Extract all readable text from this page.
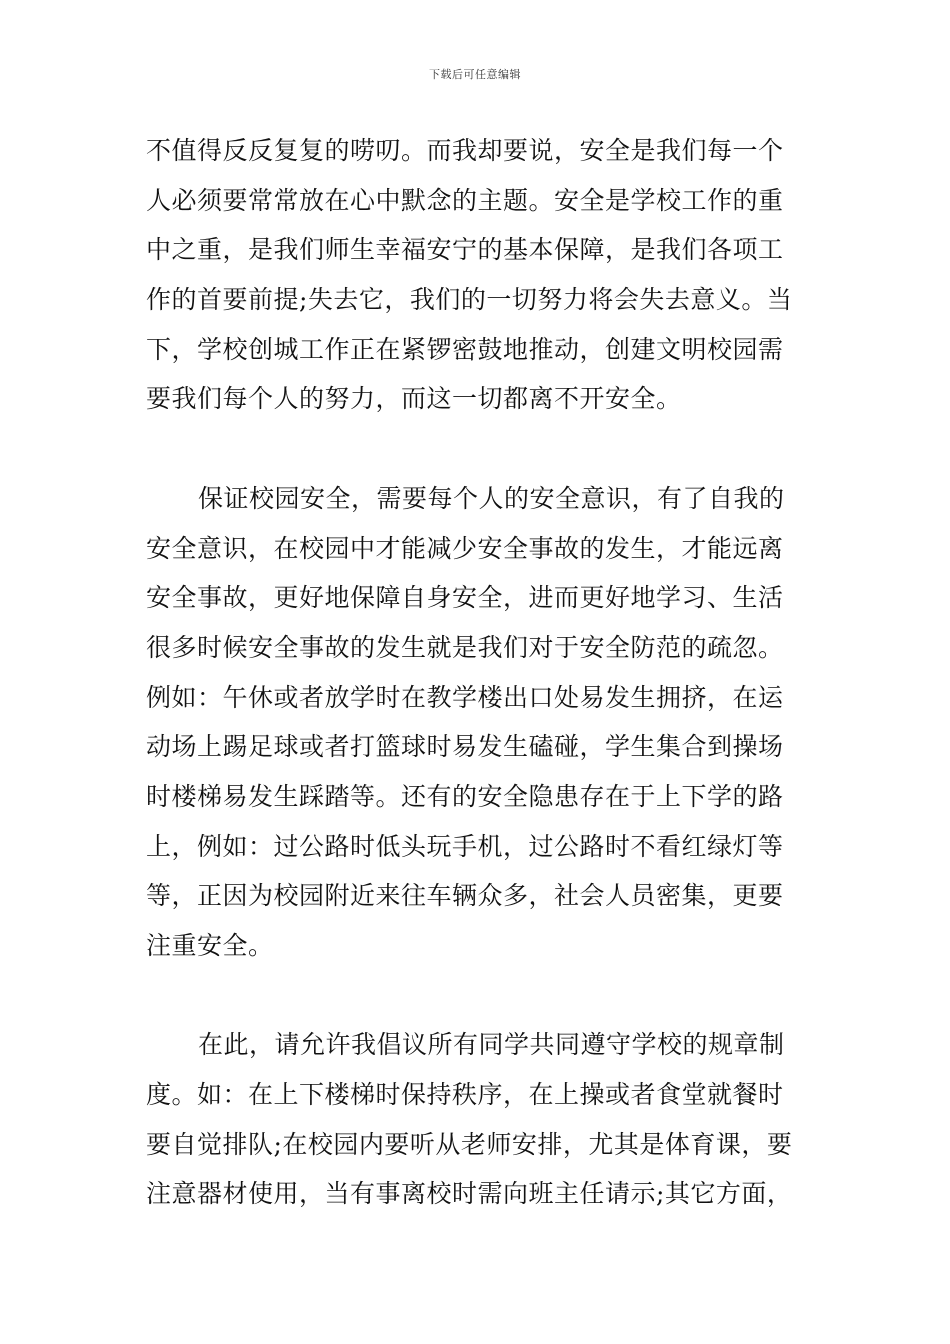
下载后可任意编辑
不值得反反复复的唠叨。而我却要说，安全是我们每一个
人必须要常常放在心中默念的主题。安全是学校工作的重
中之重，是我们师生幸福安宁的基本保障，是我们各项工
作的首要前提;失去它，我们的一切努力将会失去意义。当
下，学校创城工作正在紧锣密鼓地推动，创建文明校园需
要我们每个人的努力，而这一切都离不开安全。
保证校园安全，需要每个人的安全意识，有了自我的
安全意识，在校园中才能减少安全事故的发生，才能远离
安全事故，更好地保障自身安全，进而更好地学习、生活
很多时候安全事故的发生就是我们对于安全防范的疏忽。
例如：午休或者放学时在教学楼出口处易发生拥挤，在运
动场上踢足球或者打篮球时易发生磕碰，学生集合到操场
时楼梯易发生踩踏等。还有的安全隐患存在于上下学的路
上，例如：过公路时低头玩手机，过公路时不看红绿灯等
等，正因为校园附近来往车辆众多，社会人员密集，更要
注重安全。
在此，请允许我倡议所有同学共同遵守学校的规章制
度。如：在上下楼梯时保持秩序，在上操或者食堂就餐时
要自觉排队;在校园内要听从老师安排，尤其是体育课，要
注意器材使用，当有事离校时需向班主任请示;其它方面，
